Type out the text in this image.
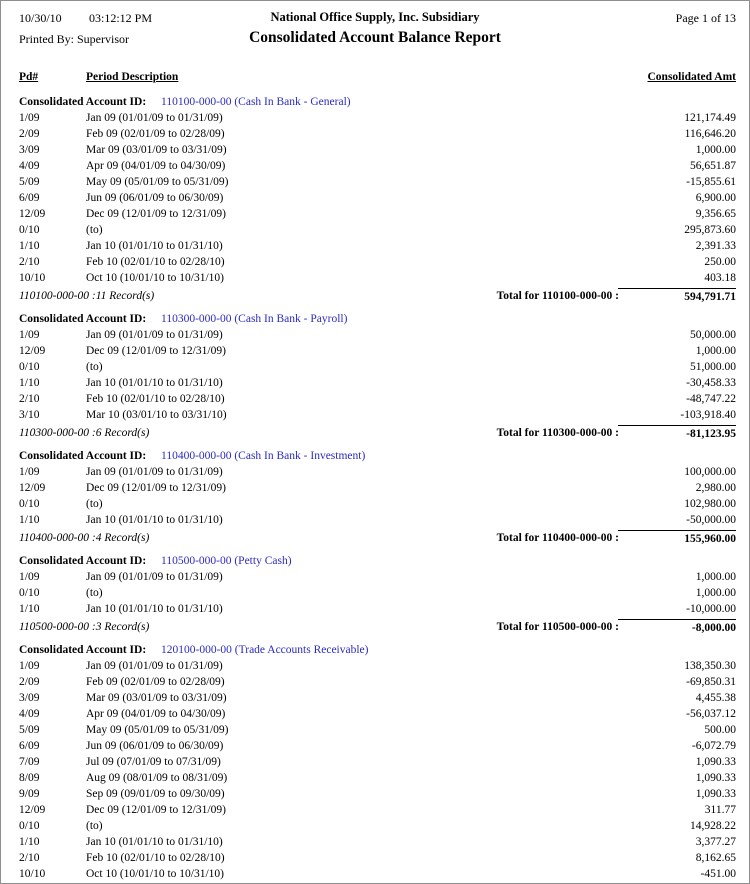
10/30/10 03:12:12 PM	National Office Supply, Inc. Subsidiary	Page 1 of 13
Printed By: Supervisor	Consolidated Account Balance Report
Pd#	Period Description	Consolidated Amt
Consolidated Account ID: 110100-000-00 (Cash In Bank - General)
1/09	Jan 09 (01/01/09 to 01/31/09)	121,174.49
2/09	Feb 09 (02/01/09 to 02/28/09)	116,646.20
3/09	Mar 09 (03/01/09 to 03/31/09)	1,000.00
4/09	Apr 09 (04/01/09 to 04/30/09)	56,651.87
5/09	May 09 (05/01/09 to 05/31/09)	-15,855.61
6/09	Jun 09 (06/01/09 to 06/30/09)	6,900.00
12/09	Dec 09 (12/01/09 to 12/31/09)	9,356.65
0/10	(to)	295,873.60
1/10	Jan 10 (01/01/10 to 01/31/10)	2,391.33
2/10	Feb 10 (02/01/10 to 02/28/10)	250.00
10/10	Oct 10 (10/01/10 to 10/31/10)	403.18
110100-000-00 :11 Record(s)	Total for 110100-000-00 :	594,791.71
Consolidated Account ID: 110300-000-00 (Cash In Bank - Payroll)
1/09	Jan 09 (01/01/09 to 01/31/09)	50,000.00
12/09	Dec 09 (12/01/09 to 12/31/09)	1,000.00
0/10	(to)	51,000.00
1/10	Jan 10 (01/01/10 to 01/31/10)	-30,458.33
2/10	Feb 10 (02/01/10 to 02/28/10)	-48,747.22
3/10	Mar 10 (03/01/10 to 03/31/10)	-103,918.40
110300-000-00 :6 Record(s)	Total for 110300-000-00 :	-81,123.95
Consolidated Account ID: 110400-000-00 (Cash In Bank - Investment)
1/09	Jan 09 (01/01/09 to 01/31/09)	100,000.00
12/09	Dec 09 (12/01/09 to 12/31/09)	2,980.00
0/10	(to)	102,980.00
1/10	Jan 10 (01/01/10 to 01/31/10)	-50,000.00
110400-000-00 :4 Record(s)	Total for 110400-000-00 :	155,960.00
Consolidated Account ID: 110500-000-00 (Petty Cash)
1/09	Jan 09 (01/01/09 to 01/31/09)	1,000.00
0/10	(to)	1,000.00
1/10	Jan 10 (01/01/10 to 01/31/10)	-10,000.00
110500-000-00 :3 Record(s)	Total for 110500-000-00 :	-8,000.00
Consolidated Account ID: 120100-000-00 (Trade Accounts Receivable)
1/09	Jan 09 (01/01/09 to 01/31/09)	138,350.30
2/09	Feb 09 (02/01/09 to 02/28/09)	-69,850.31
3/09	Mar 09 (03/01/09 to 03/31/09)	4,455.38
4/09	Apr 09 (04/01/09 to 04/30/09)	-56,037.12
5/09	May 09 (05/01/09 to 05/31/09)	500.00
6/09	Jun 09 (06/01/09 to 06/30/09)	-6,072.79
7/09	Jul 09 (07/01/09 to 07/31/09)	1,090.33
8/09	Aug 09 (08/01/09 to 08/31/09)	1,090.33
9/09	Sep 09 (09/01/09 to 09/30/09)	1,090.33
12/09	Dec 09 (12/01/09 to 12/31/09)	311.77
0/10	(to)	14,928.22
1/10	Jan 10 (01/01/10 to 01/31/10)	3,377.27
2/10	Feb 10 (02/01/10 to 02/28/10)	8,162.65
10/10	Oct 10 (10/01/10 to 10/31/10)	-451.00
